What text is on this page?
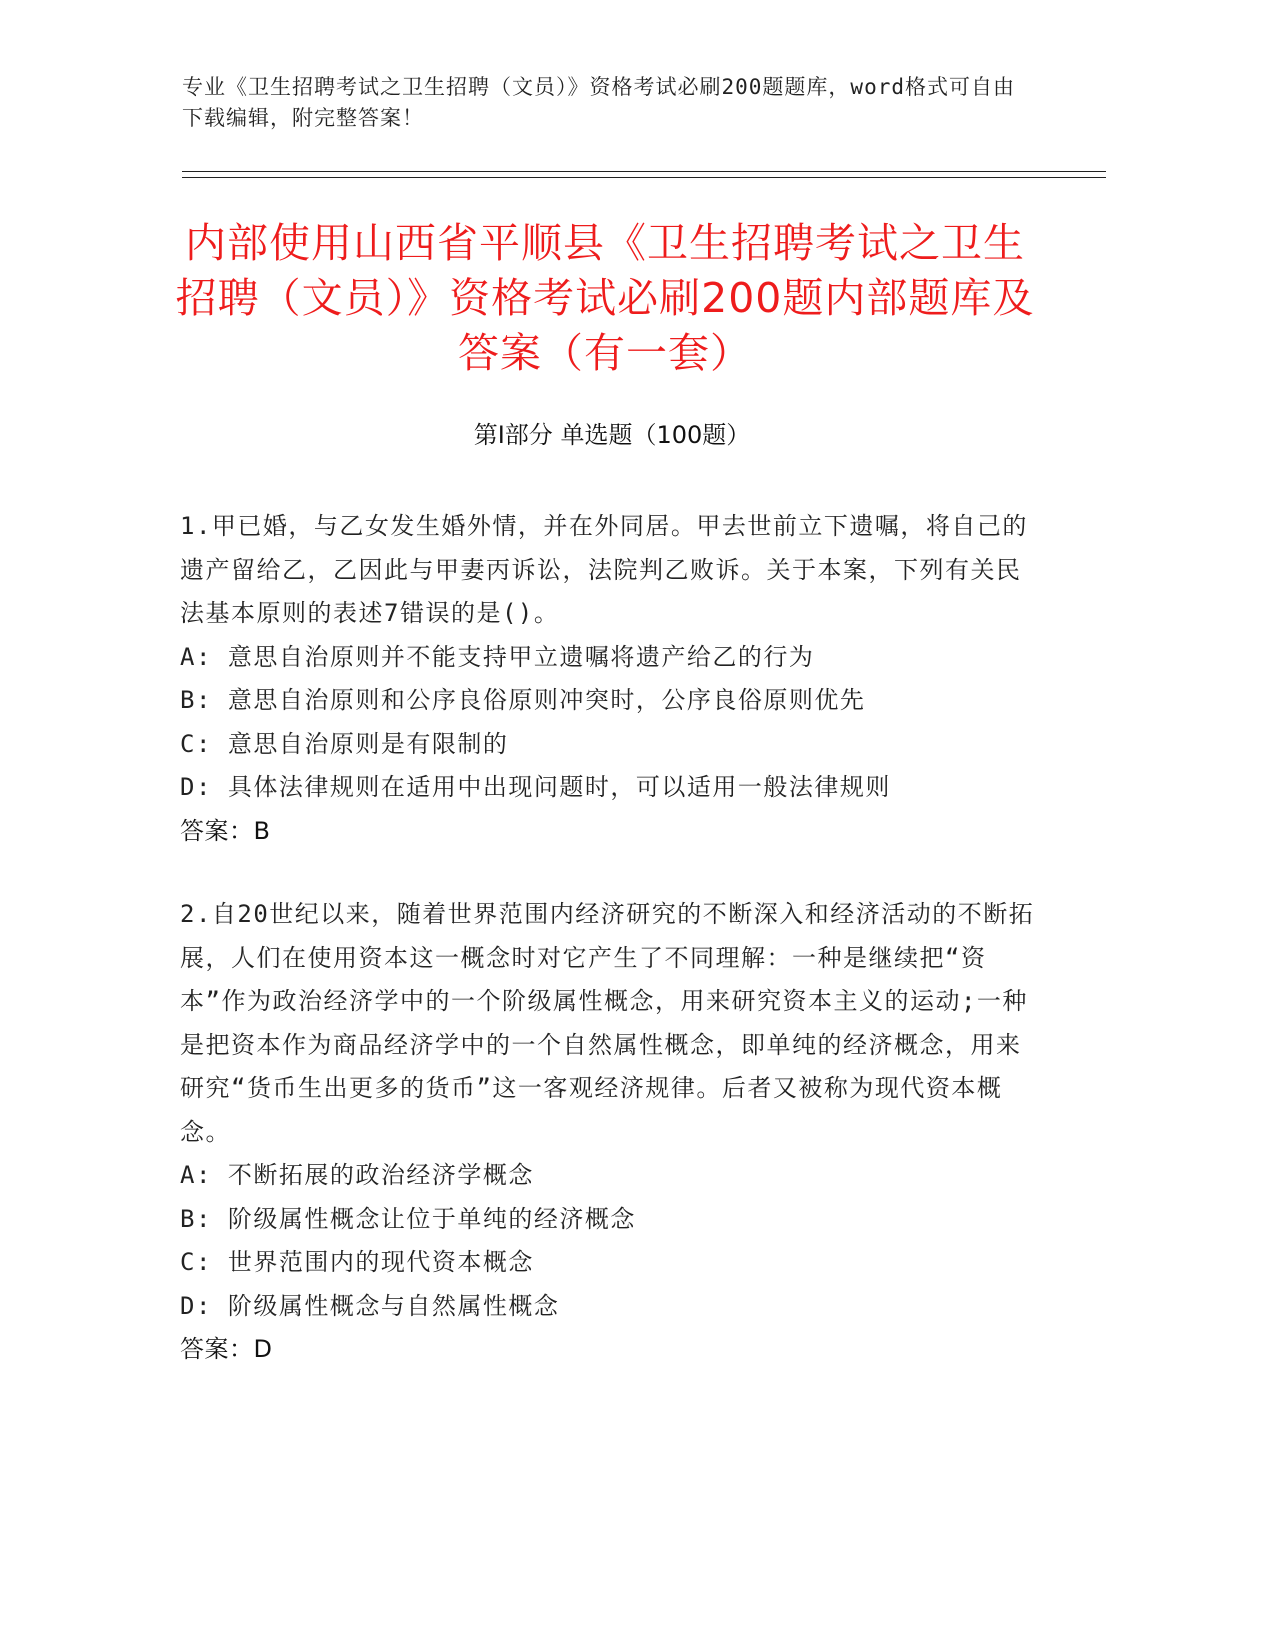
专业《卫生招聘考试之卫生招聘（文员）》资格考试必刷200题题库，word格式可自由下载编辑，附完整答案！
内部使用山西省平顺县《卫生招聘考试之卫生招聘（文员）》资格考试必刷200题内部题库及答案（有一套）
第Ⅰ部分 单选题（100题）

1.甲已婚，与乙女发生婚外情，并在外同居。甲去世前立下遗嘱，将自己的遗产留给乙，乙因此与甲妻丙诉讼，法院判乙败诉。关于本案，下列有关民法基本原则的表述7错误的是()。

A: 意思自治原则并不能支持甲立遗嘱将遗产给乙的行为

B: 意思自治原则和公序良俗原则冲突时，公序良俗原则优先

C: 意思自治原则是有限制的

D: 具体法律规则在适用中出现问题时，可以适用一般法律规则

答案：B

2.自20世纪以来，随着世界范围内经济研究的不断深入和经济活动的不断拓展，人们在使用资本这一概念时对它产生了不同理解：一种是继续把“资本”作为政治经济学中的一个阶级属性概念，用来研究资本主义的运动;一种是把资本作为商品经济学中的一个自然属性概念，即单纯的经济概念，用来研究“货币生出更多的货币”这一客观经济规律。后者又被称为现代资本概念。

A: 不断拓展的政治经济学概念

B: 阶级属性概念让位于单纯的经济概念

C: 世界范围内的现代资本概念

D: 阶级属性概念与自然属性概念

答案：D
